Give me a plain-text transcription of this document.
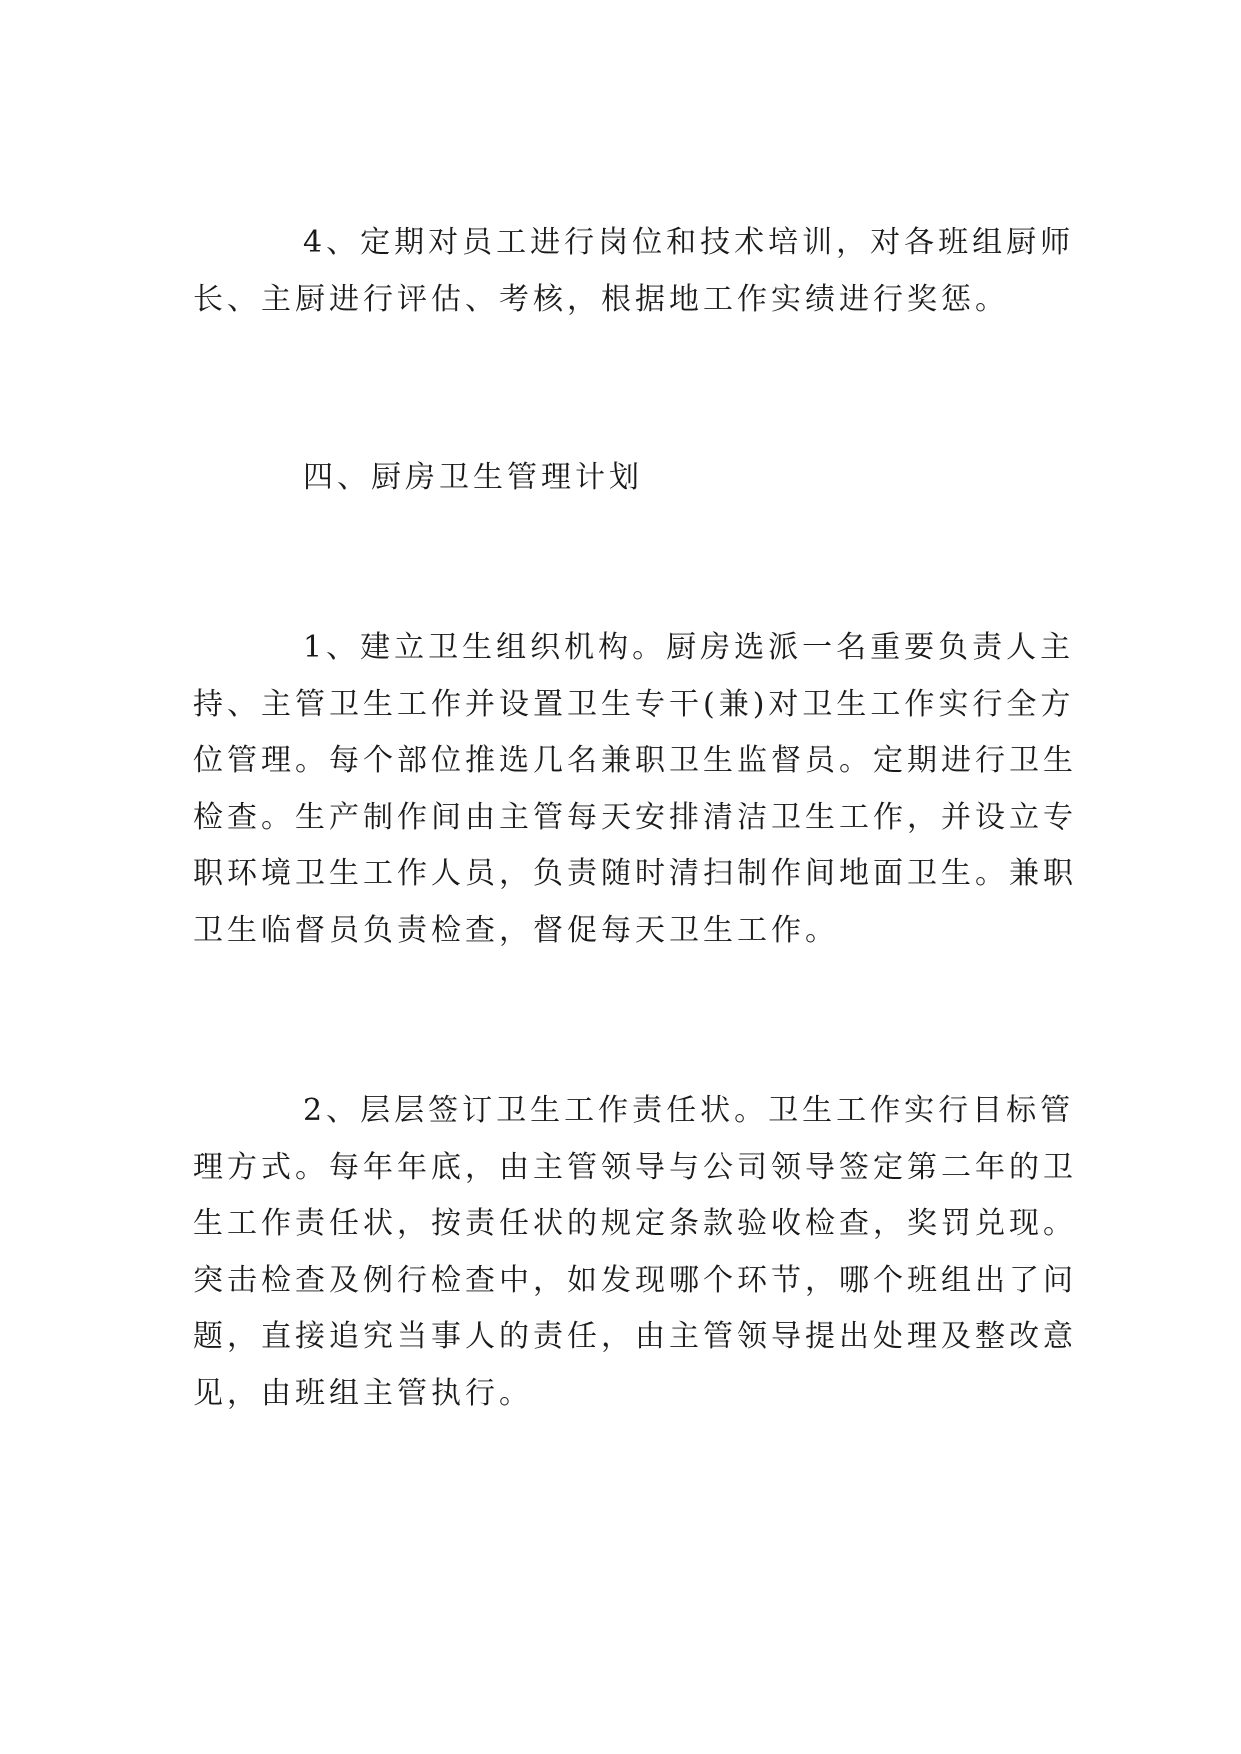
4、定期对员工进行岗位和技术培训，对各班组厨师
长、主厨进行评估、考核，根据地工作实绩进行奖惩。

四、厨房卫生管理计划

1、建立卫生组织机构。厨房选派一名重要负责人主
持、主管卫生工作并设置卫生专干(兼)对卫生工作实行全方
位管理。每个部位推选几名兼职卫生监督员。定期进行卫生
检查。生产制作间由主管每天安排清洁卫生工作，并设立专
职环境卫生工作人员，负责随时清扫制作间地面卫生。兼职
卫生临督员负责检查，督促每天卫生工作。

2、层层签订卫生工作责任状。卫生工作实行目标管
理方式。每年年底，由主管领导与公司领导签定第二年的卫
生工作责任状，按责任状的规定条款验收检查，奖罚兑现。
突击检查及例行检查中，如发现哪个环节，哪个班组出了问
题，直接追究当事人的责任，由主管领导提出处理及整改意
见，由班组主管执行。
